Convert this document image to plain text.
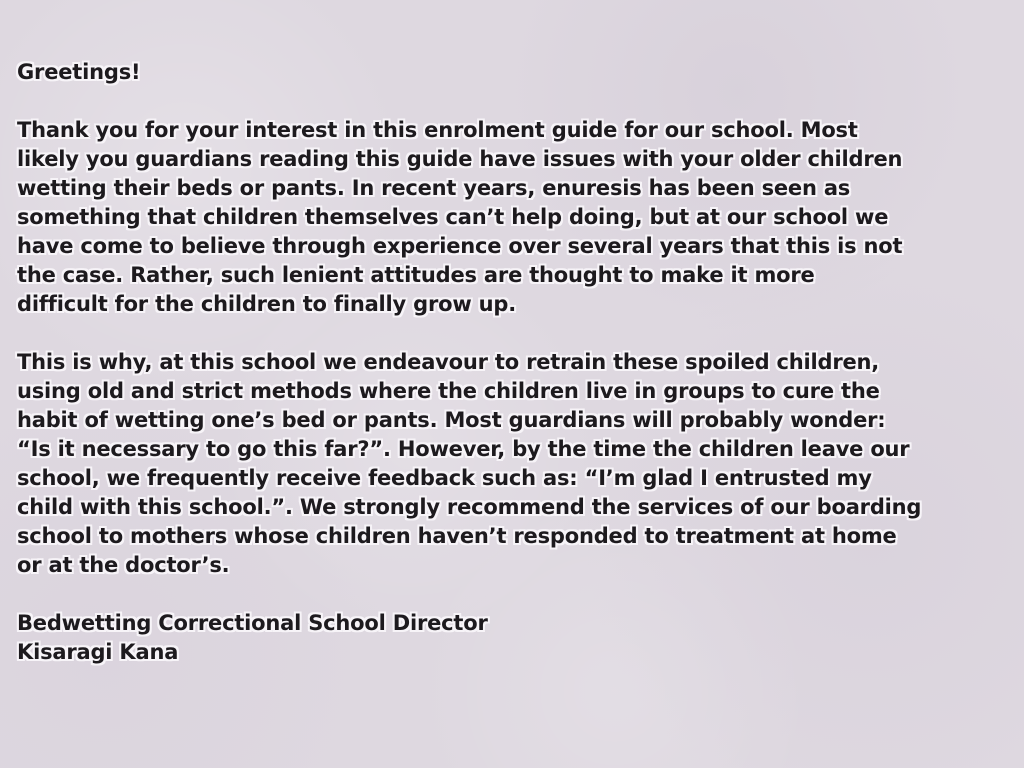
Greetings!
Thank you for your interest in this enrolment guide for our school. Most
likely you guardians reading this guide have issues with your older children
wetting their beds or pants. In recent years, enuresis has been seen as
something that children themselves can’t help doing, but at our school we
have come to believe through experience over several years that this is not
the case. Rather, such lenient attitudes are thought to make it more
difficult for the children to finally grow up.
This is why, at this school we endeavour to retrain these spoiled children,
using old and strict methods where the children live in groups to cure the
habit of wetting one’s bed or pants. Most guardians will probably wonder:
“Is it necessary to go this far?”. However, by the time the children leave our
school, we frequently receive feedback such as: “I’m glad I entrusted my
child with this school.”. We strongly recommend the services of our boarding
school to mothers whose children haven’t responded to treatment at home
or at the doctor’s.
Bedwetting Correctional School Director
Kisaragi Kana
